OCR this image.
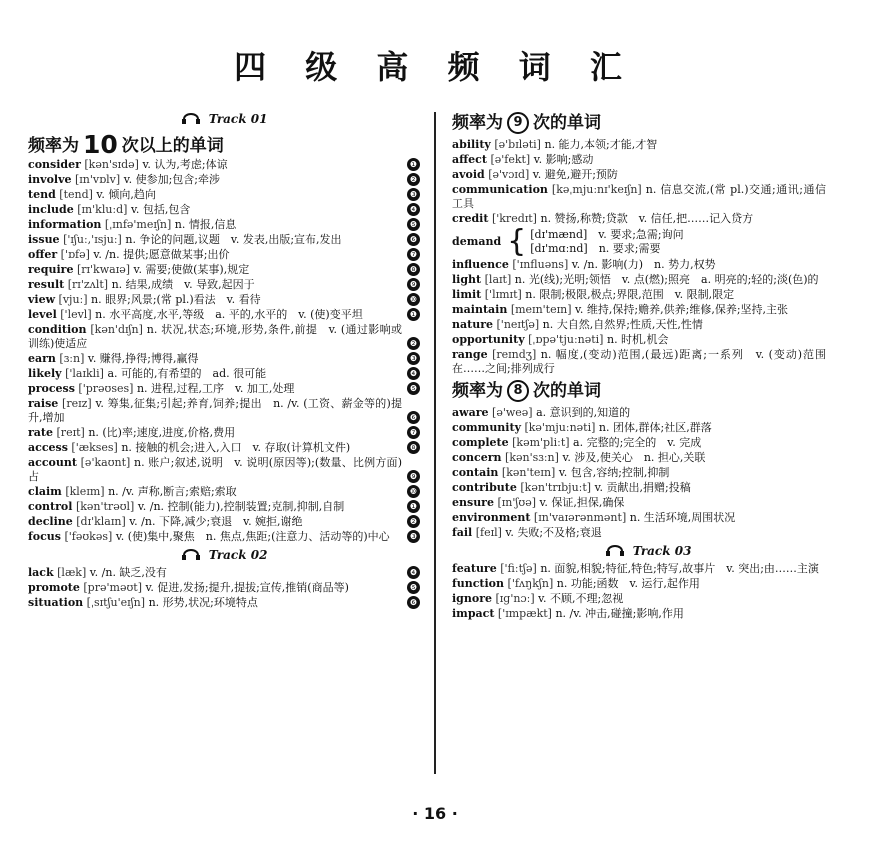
四 级 高 频 词 汇
Track 01
频率为 10 次以上的单词
consider [kən'sɪdə] v. 认为,考虑;体谅	❶
involve [ɪn'vɒlv] v. 使参加;包含;牵涉	❷
tend [tend] v. 倾向,趋向	❸
include [ɪn'kluːd] v. 包括,包含	❹
information [ˌɪnfə'meɪʃn] n. 情报,信息	❺
issue ['ɪʃuː,'ɪsjuː] n. 争论的问题,议题　v. 发表,出版;宣布,发出	❻
offer ['ɒfə] v. /n. 提供;愿意做某事;出价	❼
require [rɪ'kwaɪə] v. 需要;使做(某事),规定	❽
result [rɪ'zʌlt] n. 结果,成绩　v. 导致,起因于	❾
view [vjuː] n. 眼界;风景;(常 pl.)看法　v. 看待	❿
level ['levl] n. 水平高度,水平,等级　a. 平的,水平的　v. (使)变平坦	❶
condition [kən'dɪʃn] n. 状况,状态;环境,形势,条件,前提　v. (通过影响或训练)使适应	❷
earn [ɜːn] v. 赚得,挣得;博得,赢得	❸
likely ['laɪkli] a. 可能的,有希望的　ad. 很可能	❹
process ['prəʊses] n. 进程,过程,工序　v. 加工,处理	❺
raise [reɪz] v. 筹集,征集;引起;养育,饲养;提出　n. /v. (工资、薪金等的)提升,增加	❻
rate [reɪt] n. (比)率;速度,进度,价格,费用	❼
access ['ækses] n. 接触的机会;进入,入口　v. 存取(计算机文件)	❽
account [ə'kaʊnt] n. 账户;叙述,说明　v. 说明(原因等);(数量、比例方面)占	❾
claim [kleɪm] n. /v. 声称,断言;索赔;索取	❿
control [kən'trəʊl] v. /n. 控制(能力),控制装置;克制,抑制,自制	❶
decline [dɪ'klaɪn] v. /n. 下降,减少;衰退　v. 婉拒,谢绝	❷
focus ['fəʊkəs] v. (使)集中,聚焦　n. 焦点,焦距;(注意力、活动等的)中心	❸
Track 02
lack [læk] v. /n. 缺乏,没有	❹
promote [prə'məʊt] v. 促进,发扬;提升,提拔;宣传,推销(商品等)	❺
situation [ˌsɪtʃu'eɪʃn] n. 形势,状况;环境特点	❻
频率为 9 次的单词
ability [ə'bɪləti] n. 能力,本领;才能,才智
affect [ə'fekt] v. 影响;感动
avoid [ə'vɔɪd] v. 避免,避开;预防
communication [kəˌmjuːnɪ'keɪʃn] n. 信息交流,(常 pl.)交通;通讯;通信工具
credit ['kredɪt] n. 赞扬,称赞;贷款　v. 信任,把……记入贷方
demand { [dɪ'mænd]　v. 要求;急需;询问
[dɪ'mɑːnd]　n. 要求;需要
influence ['ɪnfluəns] v. /n. 影响(力)　n. 势力,权势
light [laɪt] n. 光(线);光明;领悟　v. 点(燃);照亮　a. 明亮的;轻的;淡(色)的
limit ['lɪmɪt] n. 限制;极限,极点;界限,范围　v. 限制,限定
maintain [meɪn'teɪn] v. 维持,保持;赡养,供养;维修,保养;坚持,主张
nature ['neɪtʃə] n. 大自然,自然界;性质,天性,性情
opportunity [ˌɒpə'tjuːnəti] n. 时机,机会
range [reɪndʒ] n. 幅度,(变动)范围,(最远)距离;一系列　v. (变动)范围在……之间;排列成行
频率为 8 次的单词
aware [ə'weə] a. 意识到的,知道的
community [kə'mjuːnəti] n. 团体,群体;社区,群落
complete [kəm'pliːt] a. 完整的;完全的　v. 完成
concern [kən'sɜːn] v. 涉及,使关心　n. 担心,关联
contain [kən'teɪn] v. 包含,容纳;控制,抑制
contribute [kən'trɪbjuːt] v. 贡献出,捐赠;投稿
ensure [ɪn'ʃʊə] v. 保证,担保,确保
environment [ɪn'vaɪərənmənt] n. 生活环境,周围状况
fail [feɪl] v. 失败;不及格;衰退
Track 03
feature ['fiːtʃə] n. 面貌,相貌;特征,特色;特写,故事片　v. 突出;由……主演
function ['fʌŋkʃn] n. 功能;函数　v. 运行,起作用
ignore [ɪg'nɔː] v. 不顾,不理;忽视
impact ['ɪmpækt] n. /v. 冲击,碰撞;影响,作用
· 16 ·
